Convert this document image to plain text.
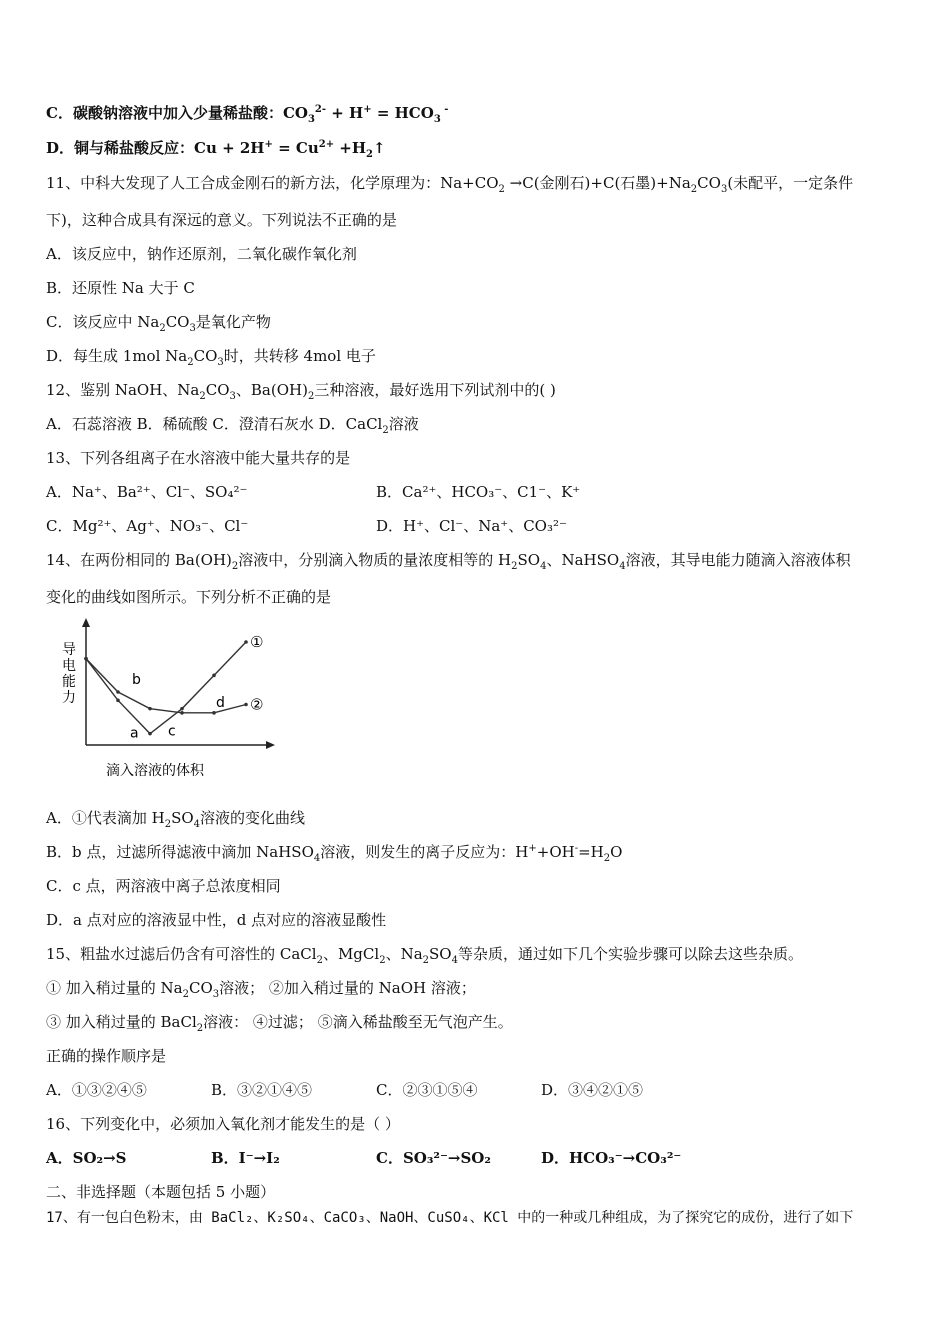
C．碳酸钠溶液中加入少量稀盐酸：$CO_3^{2-} + H^+ = HCO_3$ -
D．铜与稀盐酸反应：$Cu + 2H^+ = Cu^{2+}$ $+H_2↑$
11、中科大发现了人工合成金刚石的新方法，化学原理为：$Na+CO_2 \to C$(金刚石)+C(石墨)$+Na_2CO_3$(未配平，一定条件
下)，这种合成具有深远的意义。下列说法不正确的是
A．该反应中，钠作还原剂，二氧化碳作氧化剂
B．还原性 Na 大于 C
C．该反应中 $Na_2CO_3$是氧化产物
D．每生成 1mol $Na_2CO_3$时，共转移 4mol 电子
12、鉴别 NaOH、$Na_2CO_3$、$Ba(OH)_2$三种溶液，最好选用下列试剂中的( )
A．石蕊溶液 B．稀硫酸 C．澄清石灰水 D．CaCl$_2$溶液
13、下列各组离子在水溶液中能大量共存的是
A．Na⁺、Ba²⁺、Cl⁻、SO₄²⁻	B．Ca²⁺、HCO₃⁻、C1⁻、K⁺
C．Mg²⁺、Ag⁺、NO₃⁻、Cl⁻	D．H⁺、Cl⁻、Na⁺、CO₃²⁻
14、在两份相同的 $Ba(OH)_2$溶液中，分别滴入物质的量浓度相等的 $H_2SO_4$、NaHSO$_4$溶液，其导电能力随滴入溶液体积
变化的曲线如图所示。下列分析不正确的是
导
电
能
力
滴入溶液的体积
①
②
a
b
c
d
A．①代表滴加 $H_2SO_4$溶液的变化曲线
B．b 点，过滤所得滤液中滴加 NaHSO$_4$溶液，则发生的离子反应为：$H^++OH^-=H_2O$
C．c 点，两溶液中离子总浓度相同
D．a 点对应的溶液显中性，d 点对应的溶液显酸性
15、粗盐水过滤后仍含有可溶性的 CaCl$_2$、MgCl$_2$、$Na_2SO_4$等杂质，通过如下几个实验步骤可以除去这些杂质。
① 加入稍过量的 $Na_2CO_3$溶液； ②加入稍过量的 NaOH 溶液；
③ 加入稍过量的 BaCl$_2$溶液： ④过滤； ⑤滴入稀盐酸至无气泡产生。
正确的操作顺序是
A．①③②④⑤	B．③②①④⑤	C．②③①⑤④	D．③④②①⑤
16、下列变化中，必须加入氧化剂才能发生的是（ ）
A．SO₂→S	B．I⁻→I₂	C．SO₃²⁻→SO₂	D．HCO₃⁻→CO₃²⁻
二、非选择题（本题包括 5 小题）
17、有一包白色粉末，由 BaCl₂、K₂SO₄、CaCO₃、NaOH、CuSO₄、KCl 中的一种或几种组成，为了探究它的成份，进行了如下
